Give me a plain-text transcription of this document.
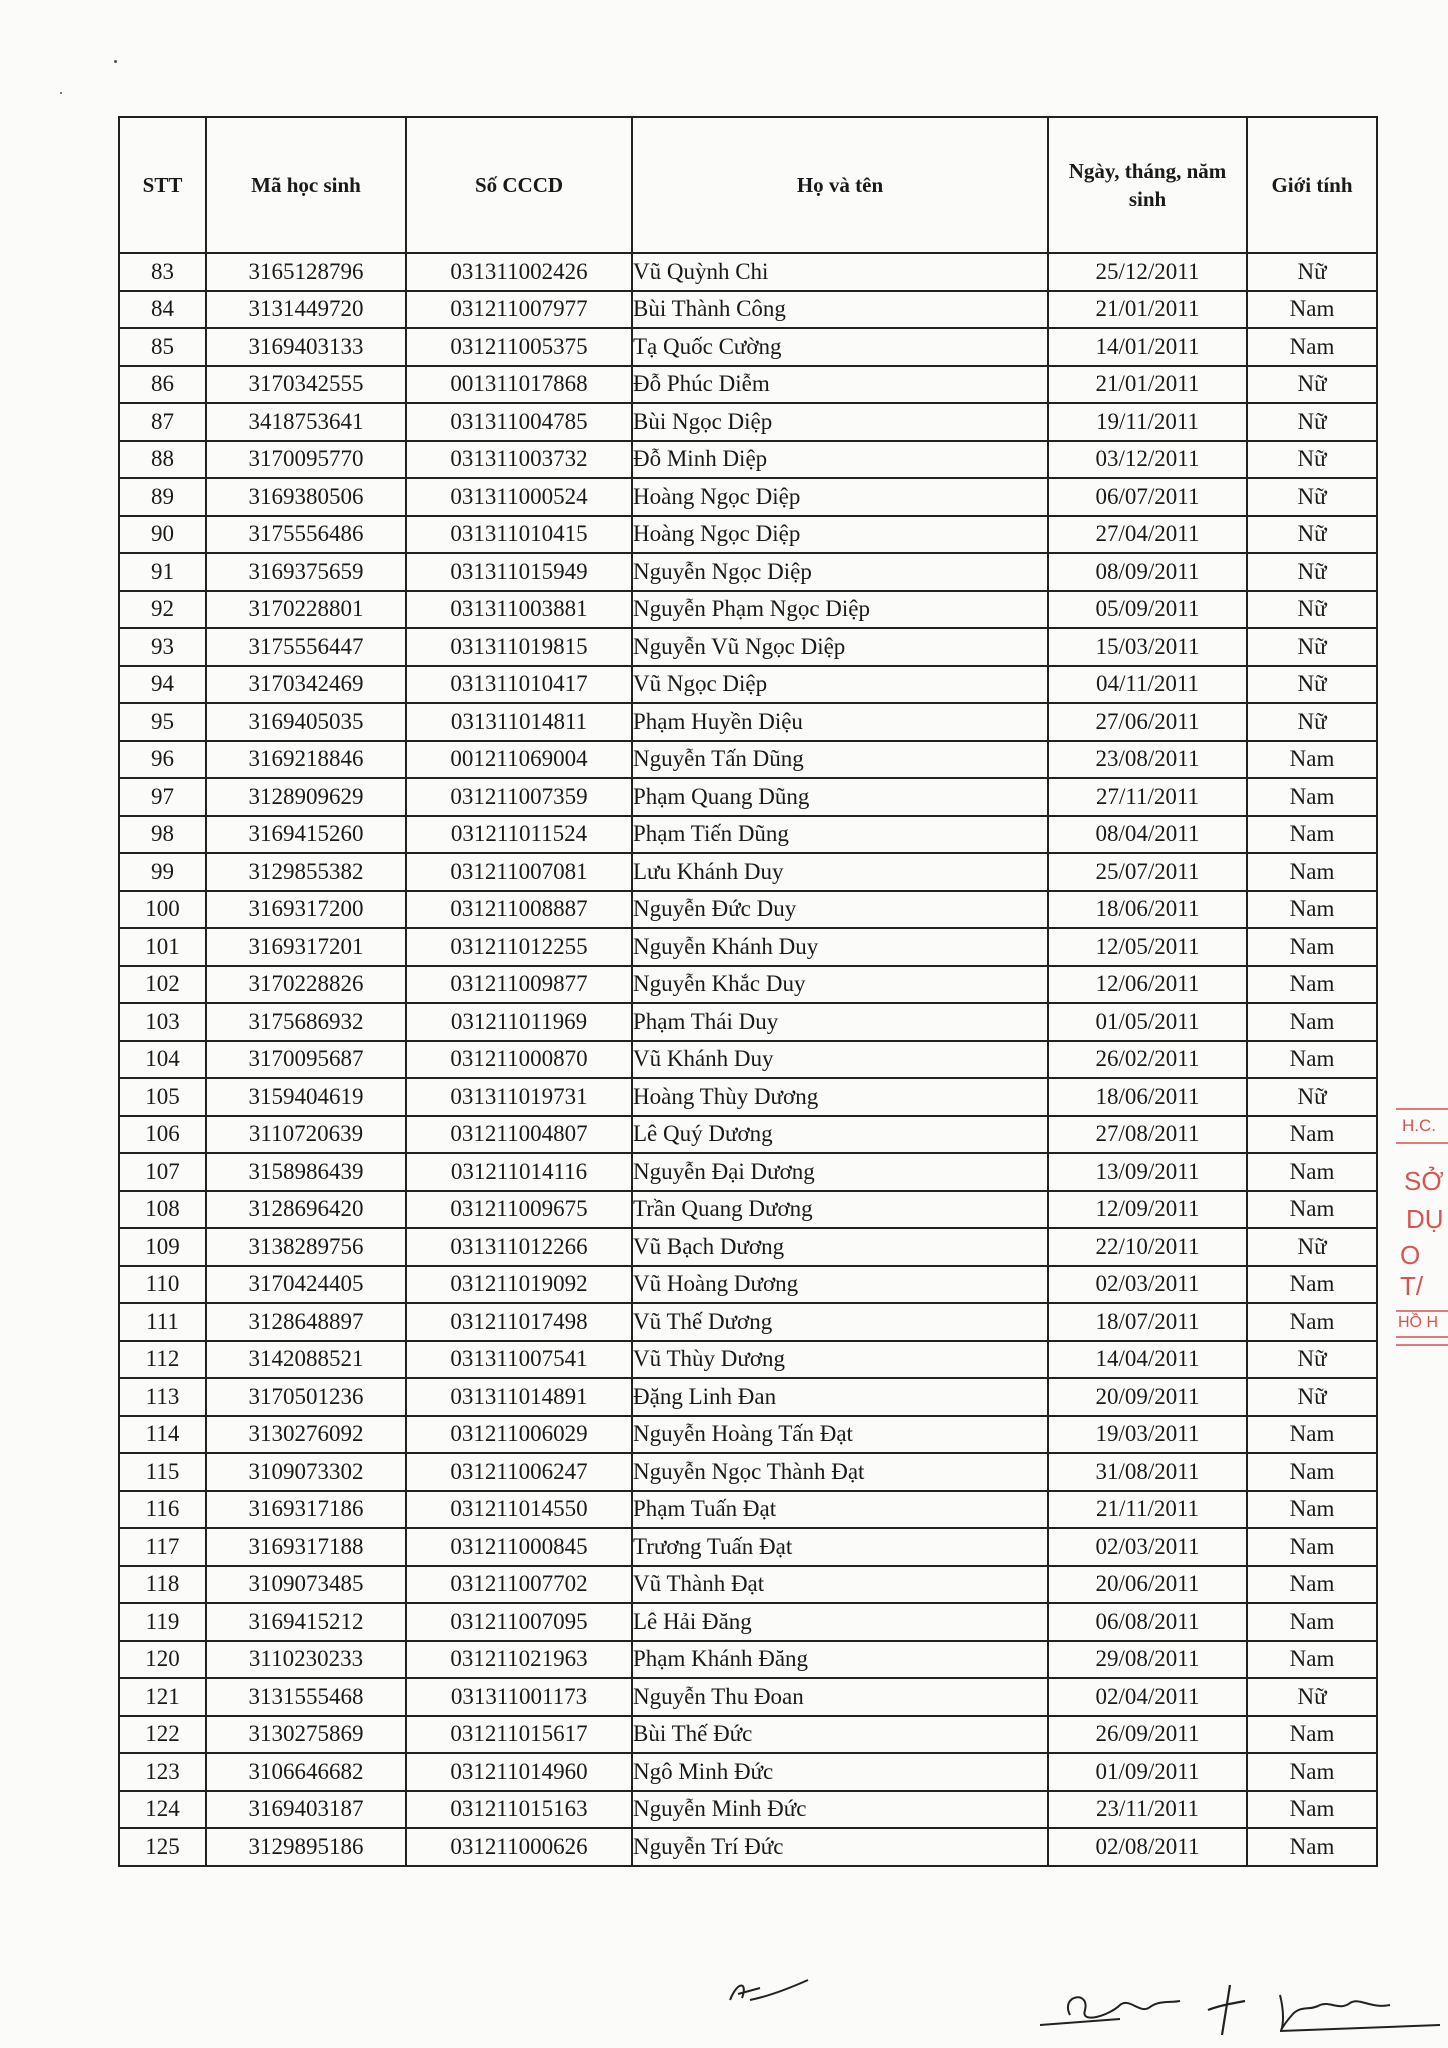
STT	Mã học sinh	Số CCCD	Họ và tên	Ngày, tháng, năm sinh	Giới tính
83	3165128796	031311002426	Vũ Quỳnh Chi	25/12/2011	Nữ
84	3131449720	031211007977	Bùi Thành Công	21/01/2011	Nam
85	3169403133	031211005375	Tạ Quốc Cường	14/01/2011	Nam
86	3170342555	001311017868	Đỗ Phúc Diễm	21/01/2011	Nữ
87	3418753641	031311004785	Bùi Ngọc Diệp	19/11/2011	Nữ
88	3170095770	031311003732	Đỗ Minh Diệp	03/12/2011	Nữ
89	3169380506	031311000524	Hoàng Ngọc Diệp	06/07/2011	Nữ
90	3175556486	031311010415	Hoàng Ngọc Diệp	27/04/2011	Nữ
91	3169375659	031311015949	Nguyễn Ngọc Diệp	08/09/2011	Nữ
92	3170228801	031311003881	Nguyễn Phạm Ngọc Diệp	05/09/2011	Nữ
93	3175556447	031311019815	Nguyễn Vũ Ngọc Diệp	15/03/2011	Nữ
94	3170342469	031311010417	Vũ Ngọc Diệp	04/11/2011	Nữ
95	3169405035	031311014811	Phạm Huyền Diệu	27/06/2011	Nữ
96	3169218846	001211069004	Nguyễn Tấn Dũng	23/08/2011	Nam
97	3128909629	031211007359	Phạm Quang Dũng	27/11/2011	Nam
98	3169415260	031211011524	Phạm Tiến Dũng	08/04/2011	Nam
99	3129855382	031211007081	Lưu Khánh Duy	25/07/2011	Nam
100	3169317200	031211008887	Nguyễn Đức Duy	18/06/2011	Nam
101	3169317201	031211012255	Nguyễn Khánh Duy	12/05/2011	Nam
102	3170228826	031211009877	Nguyễn Khắc Duy	12/06/2011	Nam
103	3175686932	031211011969	Phạm Thái Duy	01/05/2011	Nam
104	3170095687	031211000870	Vũ Khánh Duy	26/02/2011	Nam
105	3159404619	031311019731	Hoàng Thùy Dương	18/06/2011	Nữ
106	3110720639	031211004807	Lê Quý Dương	27/08/2011	Nam
107	3158986439	031211014116	Nguyễn Đại Dương	13/09/2011	Nam
108	3128696420	031211009675	Trần Quang Dương	12/09/2011	Nam
109	3138289756	031311012266	Vũ Bạch Dương	22/10/2011	Nữ
110	3170424405	031211019092	Vũ Hoàng Dương	02/03/2011	Nam
111	3128648897	031211017498	Vũ Thế Dương	18/07/2011	Nam
112	3142088521	031311007541	Vũ Thùy Dương	14/04/2011	Nữ
113	3170501236	031311014891	Đặng Linh Đan	20/09/2011	Nữ
114	3130276092	031211006029	Nguyễn Hoàng Tấn Đạt	19/03/2011	Nam
115	3109073302	031211006247	Nguyễn Ngọc Thành Đạt	31/08/2011	Nam
116	3169317186	031211014550	Phạm Tuấn Đạt	21/11/2011	Nam
117	3169317188	031211000845	Trương Tuấn Đạt	02/03/2011	Nam
118	3109073485	031211007702	Vũ Thành Đạt	20/06/2011	Nam
119	3169415212	031211007095	Lê Hải Đăng	06/08/2011	Nam
120	3110230233	031211021963	Phạm Khánh Đăng	29/08/2011	Nam
121	3131555468	031311001173	Nguyễn Thu Đoan	02/04/2011	Nữ
122	3130275869	031211015617	Bùi Thế Đức	26/09/2011	Nam
123	3106646682	031211014960	Ngô Minh Đức	01/09/2011	Nam
124	3169403187	031211015163	Nguyễn Minh Đức	23/11/2011	Nam
125	3129895186	031211000626	Nguyễn Trí Đức	02/08/2011	Nam
H.C.
SỞ
DỤ
O T/
HỒ H
